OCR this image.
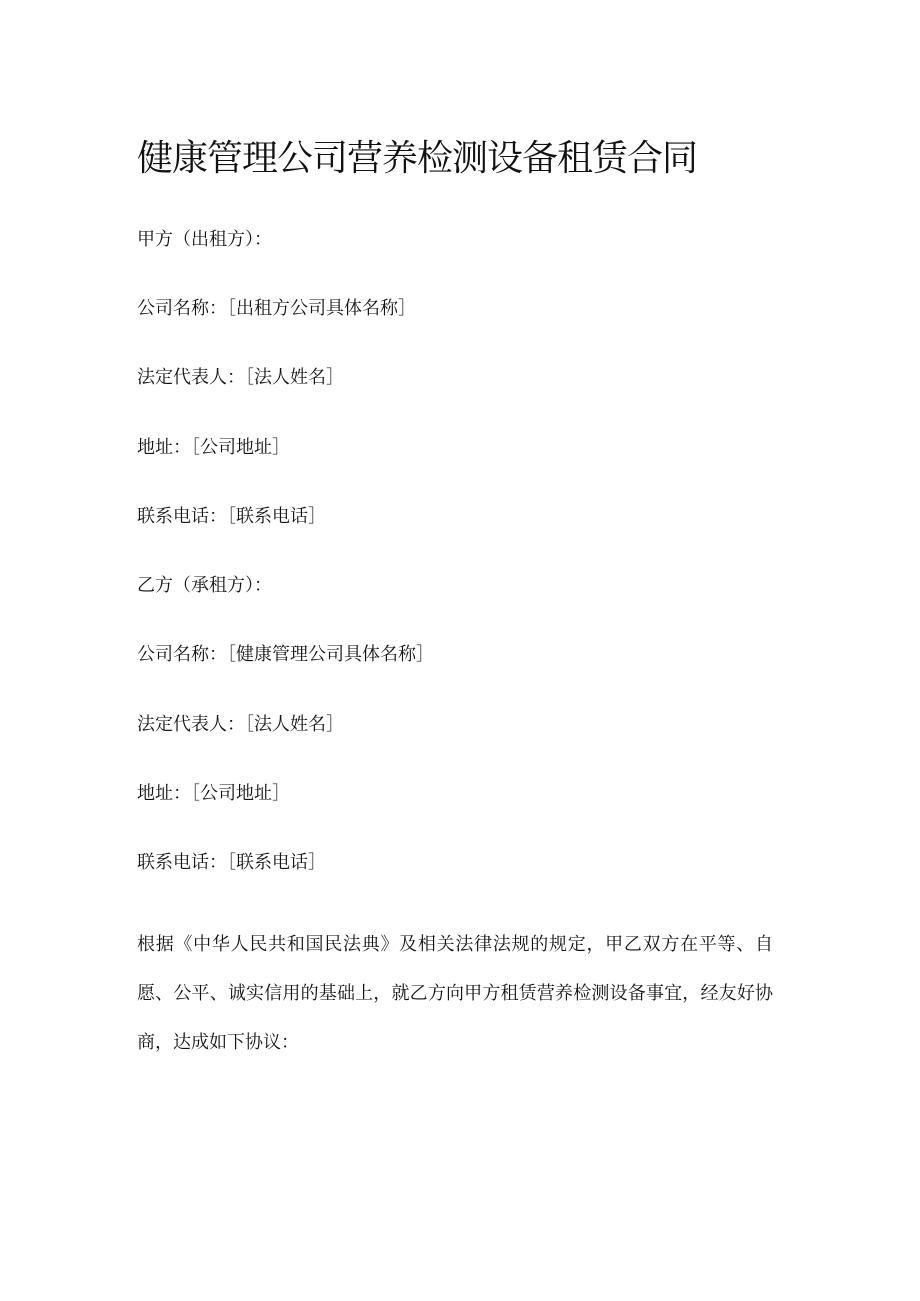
健康管理公司营养检测设备租赁合同

甲方（出租方）：

公司名称：［出租方公司具体名称］

法定代表人：［法人姓名］

地址：［公司地址］

联系电话：［联系电话］

乙方（承租方）：

公司名称：［健康管理公司具体名称］

法定代表人：［法人姓名］

地址：［公司地址］

联系电话：［联系电话］

根据《中华人民共和国民法典》及相关法律法规的规定，甲乙双方在平等、自愿、公平、诚实信用的基础上，就乙方向甲方租赁营养检测设备事宜，经友好协商，达成如下协议：
